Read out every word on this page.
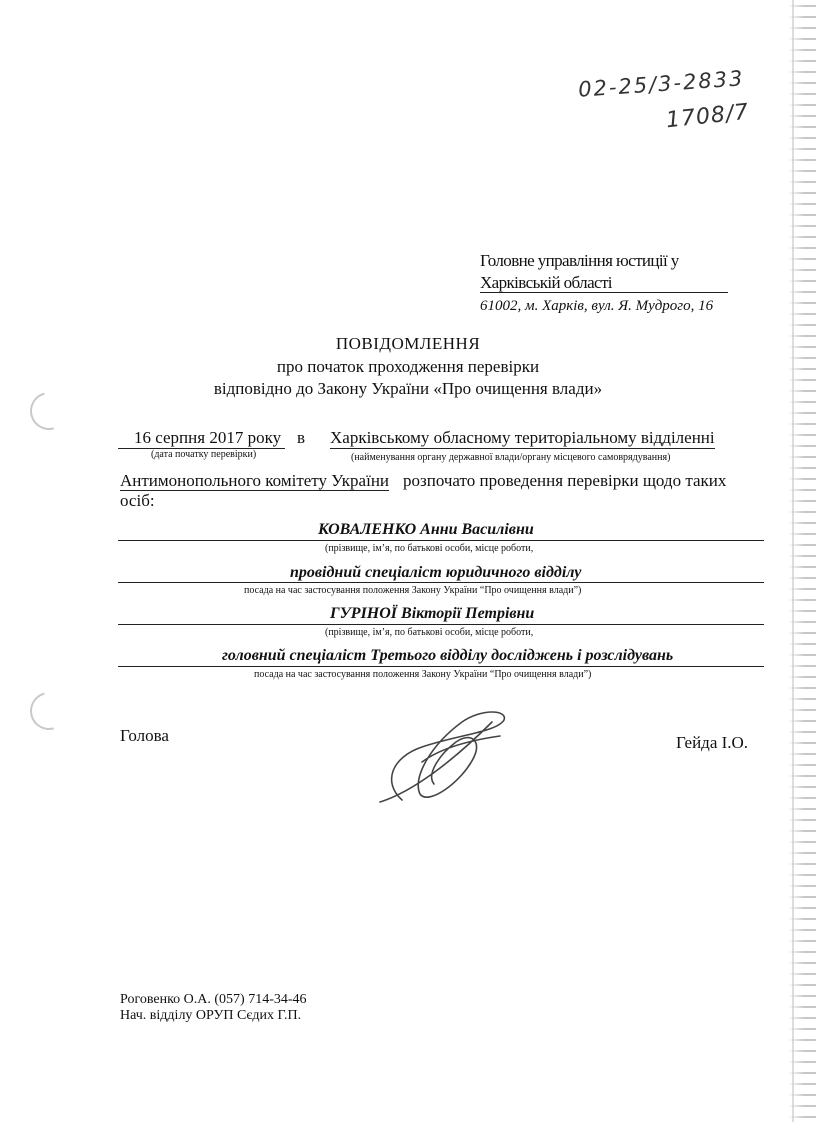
02-25/3-2833
1708/7
Головне управління юстиції у
Харківській області
61002, м. Харків, вул. Я. Мудрого, 16
ПОВІДОМЛЕННЯ
про початок проходження перевірки
відповідно до Закону України «Про очищення влади»
16 серпня 2017 року
(дата початку перевірки)
в Харківському обласному територіальному відділенні
(найменування органу державної влади/органу місцевого самоврядування)
Антимонопольного комітету України розпочато проведення перевірки щодо таких осіб:
КОВАЛЕНКО Анни Василівни
(прізвище, ім’я, по батькові особи, місце роботи,
провідний спеціаліст юридичного відділу
посада на час застосування положення Закону України “Про очищення влади”)
ГУРІНОЇ Вікторії Петрівни
(прізвище, ім’я, по батькові особи, місце роботи,
головний спеціаліст Третього відділу досліджень і розслідувань
посада на час застосування положення Закону України “Про очищення влади”)
Голова	Гейда І.О.
Роговенко О.А. (057) 714-34-46
Нач. відділу ОРУП Сєдих Г.П.
